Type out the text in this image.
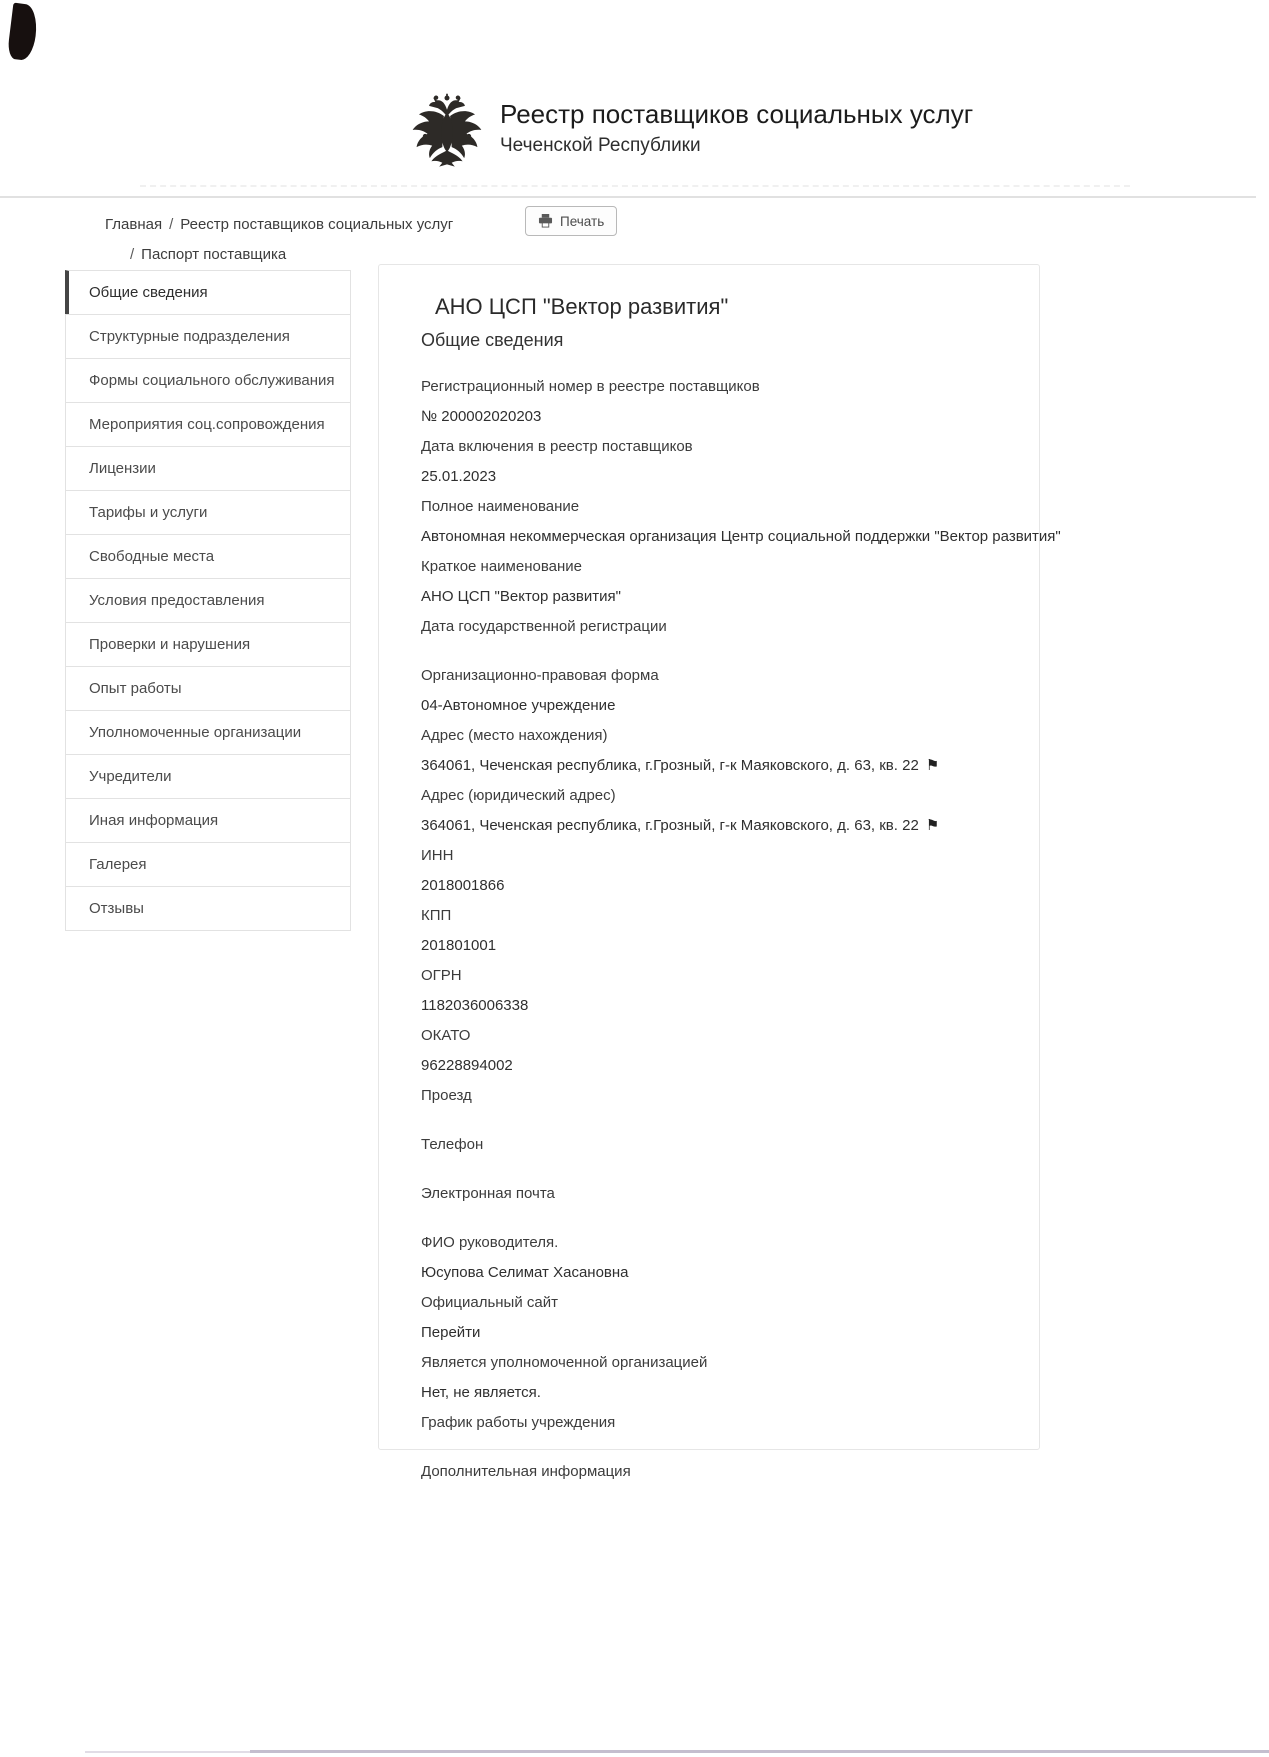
Реестр поставщиков социальных услуг
Чеченской Республики
Главная / Реестр поставщиков социальных услуг
/ Паспорт поставщика
Печать
Общие сведения
Структурные подразделения
Формы социального обслуживания
Мероприятия соц.сопровождения
Лицензии
Тарифы и услуги
Свободные места
Условия предоставления
Проверки и нарушения
Опыт работы
Уполномоченные организации
Учредители
Иная информация
Галерея
Отзывы
АНО ЦСП "Вектор развития"
Общие сведения
Регистрационный номер в реестре поставщиков
№ 200002020203
Дата включения в реестр поставщиков
25.01.2023
Полное наименование
Автономная некоммерческая организация Центр социальной поддержки "Вектор развития"
Краткое наименование
АНО ЦСП "Вектор развития"
Дата государственной регистрации
Организационно-правовая форма
04-Автономное учреждение
Адрес (место нахождения)
364061, Чеченская республика, г.Грозный, г-к Маяковского, д. 63, кв. 22 ⚑
Адрес (юридический адрес)
364061, Чеченская республика, г.Грозный, г-к Маяковского, д. 63, кв. 22 ⚑
ИНН
2018001866
КПП
201801001
ОГРН
1182036006338
ОКАТО
96228894002
Проезд
Телефон
Электронная почта
ФИО руководителя.
Юсупова Селимат Хасановна
Официальный сайт
Перейти
Является уполномоченной организацией
Нет, не является.
График работы учреждения
Дополнительная информация
